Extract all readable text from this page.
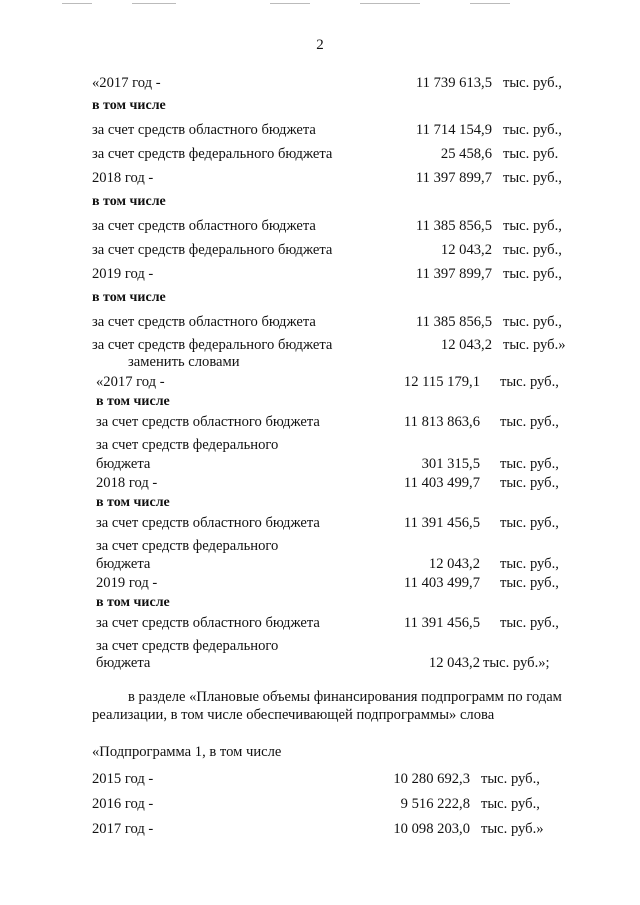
2
«2017 год -	11 739 613,5 тыс. руб.,
в том числе
за счет средств областного бюджета	11 714 154,9 тыс. руб.,
за счет средств федерального бюджета	25 458,6 тыс. руб.
2018 год -	11 397 899,7 тыс. руб.,
в том числе
за счет средств областного бюджета	11 385 856,5 тыс. руб.,
за счет средств федерального бюджета	12 043,2 тыс. руб.,
2019 год -	11 397 899,7 тыс. руб.,
в том числе
за счет средств областного бюджета	11 385 856,5 тыс. руб.,
за счет средств федерального бюджета	12 043,2 тыс. руб.»
заменить словами
«2017 год -	12 115 179,1 тыс. руб.,
в том числе
за счет средств областного бюджета	11 813 863,6 тыс. руб.,
за счет средств федерального
бюджета	301 315,5 тыс. руб.,
2018 год -	11 403 499,7 тыс. руб.,
в том числе
за счет средств областного бюджета	11 391 456,5 тыс. руб.,
за счет средств федерального
бюджета	12 043,2 тыс. руб.,
2019 год -	11 403 499,7 тыс. руб.,
в том числе
за счет средств областного бюджета	11 391 456,5 тыс. руб.,
за счет средств федерального
бюджета	12 043,2 тыс. руб.»;
в разделе «Плановые объемы финансирования подпрограмм по годам
реализации, в том числе обеспечивающей подпрограммы» слова
«Подпрограмма 1, в том числе
2015 год -	10 280 692,3 тыс. руб.,
2016 год -	9 516 222,8 тыс. руб.,
2017 год -	10 098 203,0 тыс. руб.»
